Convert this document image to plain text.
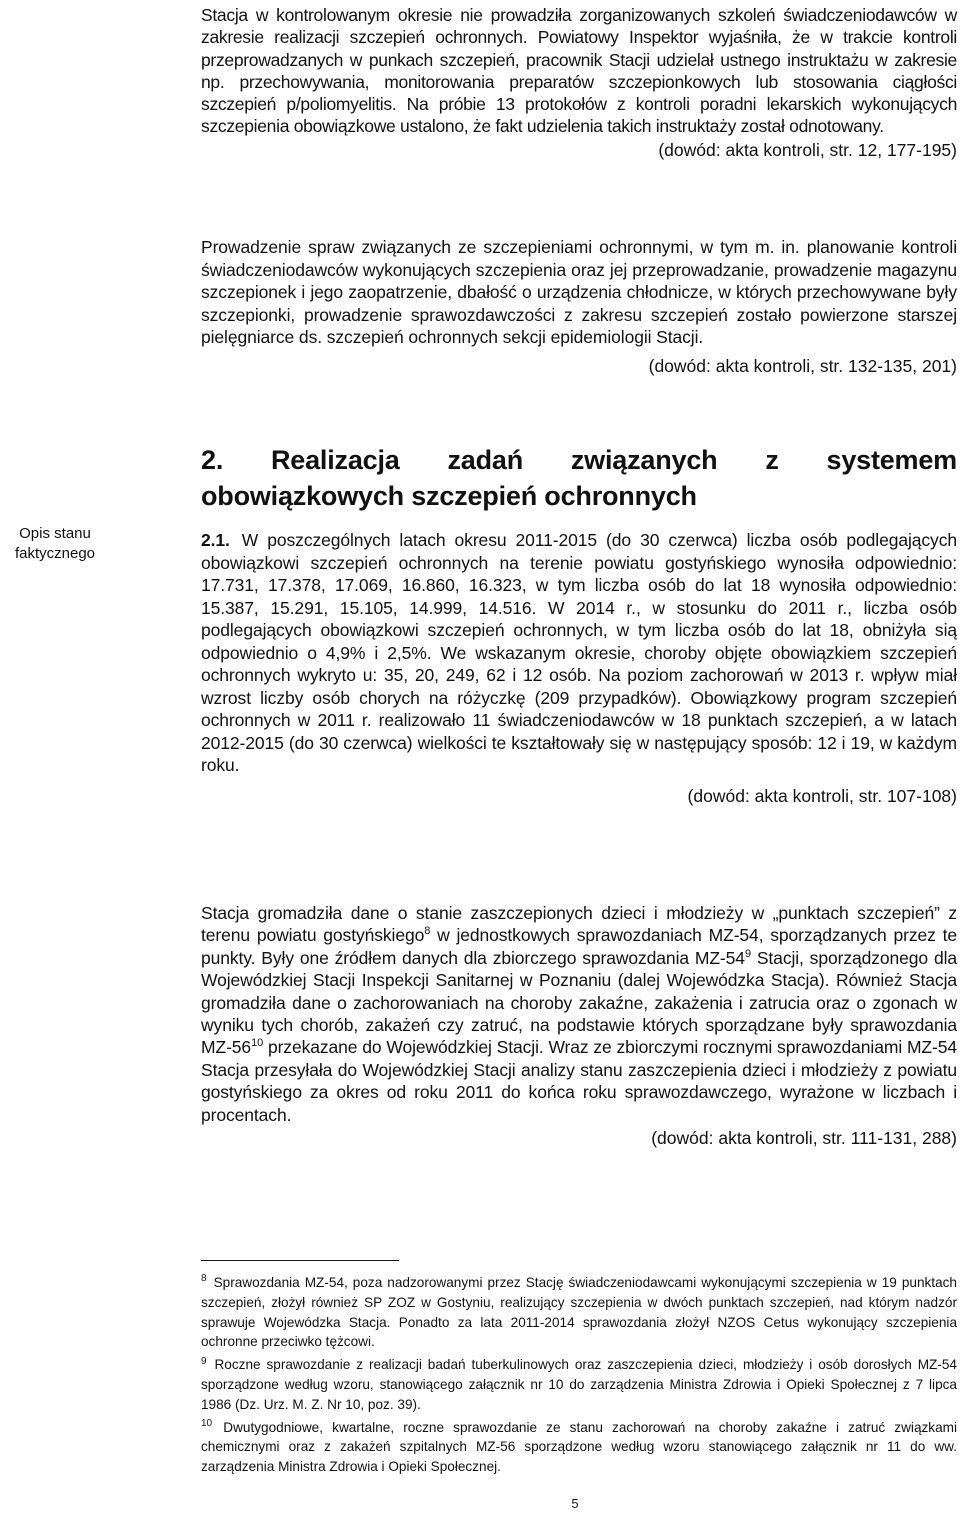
Opis stanu
faktycznego

Stacja w kontrolowanym okresie nie prowadziła zorganizowanych szkoleń świadczeniodawców w zakresie realizacji szczepień ochronnych. Powiatowy Inspektor wyjaśniła, że w trakcie kontroli przeprowadzanych w punkach szczepień, pracownik Stacji udzielał ustnego instruktażu w zakresie np. przechowywania, monitorowania preparatów szczepionkowych lub stosowania ciągłości szczepień p/poliomyelitis. Na próbie 13 protokołów z kontroli poradni lekarskich wykonujących szczepienia obowiązkowe ustalono, że fakt udzielenia takich instruktaży został odnotowany.

(dowód: akta kontroli, str. 12, 177-195)

Prowadzenie spraw związanych ze szczepieniami ochronnymi, w tym m. in. planowanie kontroli świadczeniodawców wykonujących szczepienia oraz jej przeprowadzanie, prowadzenie magazynu szczepionek i jego zaopatrzenie, dbałość o urządzenia chłodnicze, w których przechowywane były szczepionki, prowadzenie sprawozdawczości z zakresu szczepień zostało powierzone starszej pielęgniarce ds. szczepień ochronnych sekcji epidemiologii Stacji.

(dowód: akta kontroli, str. 132-135, 201)

2. Realizacja zadań związanych z systemem
obowiązkowych szczepień ochronnych

2.1. W poszczególnych latach okresu 2011-2015 (do 30 czerwca) liczba osób podlegających obowiązkowi szczepień ochronnych na terenie powiatu gostyńskiego wynosiła odpowiednio: 17.731, 17.378, 17.069, 16.860, 16.323, w tym liczba osób do lat 18 wynosiła odpowiednio: 15.387, 15.291, 15.105, 14.999, 14.516. W 2014 r., w stosunku do 2011 r., liczba osób podlegających obowiązkowi szczepień ochronnych, w tym liczba osób do lat 18, obniżyła sią odpowiednio o 4,9% i 2,5%. We wskazanym okresie, choroby objęte obowiązkiem szczepień ochronnych wykryto u: 35, 20, 249, 62 i 12 osób. Na poziom zachorowań w 2013 r. wpływ miał wzrost liczby osób chorych na różyczkę (209 przypadków). Obowiązkowy program szczepień ochronnych w 2011 r. realizowało 11 świadczeniodawców w 18 punktach szczepień, a w latach 2012-2015 (do 30 czerwca) wielkości te kształtowały się w następujący sposób: 12 i 19, w każdym roku.

(dowód: akta kontroli, str. 107-108)

Stacja gromadziła dane o stanie zaszczepionych dzieci i młodzieży w „punktach szczepień” z terenu powiatu gostyńskiego$^8$ w jednostkowych sprawozdaniach MZ-54, sporządzanych przez te punkty. Były one źródłem danych dla zbiorczego sprawozdania $MZ-54^9$ Stacji, sporządzonego dla Wojewódzkiej Stacji Inspekcji Sanitarnej w Poznaniu (dalej Wojewódzka Stacja). Również Stacja gromadziła dane o zachorowaniach na choroby zakaźne, zakażenia i zatrucia oraz o zgonach w wyniku tych chorób, zakażeń czy zatruć, na podstawie których sporządzane były sprawozdania $MZ-56^{10}$ przekazane do Wojewódzkiej Stacji. Wraz ze zbiorczymi rocznymi sprawozdaniami MZ-54 Stacja przesyłała do Wojewódzkiej Stacji analizy stanu zaszczepienia dzieci i młodzieży z powiatu gostyńskiego za okres od roku 2011 do końca roku sprawozdawczego, wyrażone w liczbach i procentach.

(dowód: akta kontroli, str. 111-131, 288)

$^8$ Sprawozdania MZ-54, poza nadzorowanymi przez Stację świadczeniodawcami wykonującymi szczepienia w 19 punktach szczepień, złożył również SP ZOZ w Gostyniu, realizujący szczepienia w dwóch punktach szczepień, nad którym nadzór sprawuje Wojewódzka Stacja. Ponadto za lata 2011-2014 sprawozdania złożył NZOS Cetus wykonujący szczepienia ochronne przeciwko tężcowi.

$^9$ Roczne sprawozdanie z realizacji badań tuberkulinowych oraz zaszczepienia dzieci, młodzieży i osób dorosłych MZ-54 sporządzone według wzoru, stanowiącego załącznik nr 10 do zarządzenia Ministra Zdrowia i Opieki Społecznej z 7 lipca 1986 (Dz. Urz. M. Z. Nr 10, poz. 39).

$^{10}$ Dwutygodniowe, kwartalne, roczne sprawozdanie ze stanu zachorowań na choroby zakaźne i zatruć związkami chemicznymi oraz z zakażeń szpitalnych MZ-56 sporządzone według wzoru stanowiącego załącznik nr 11 do ww. zarządzenia Ministra Zdrowia i Opieki Społecznej.

5
